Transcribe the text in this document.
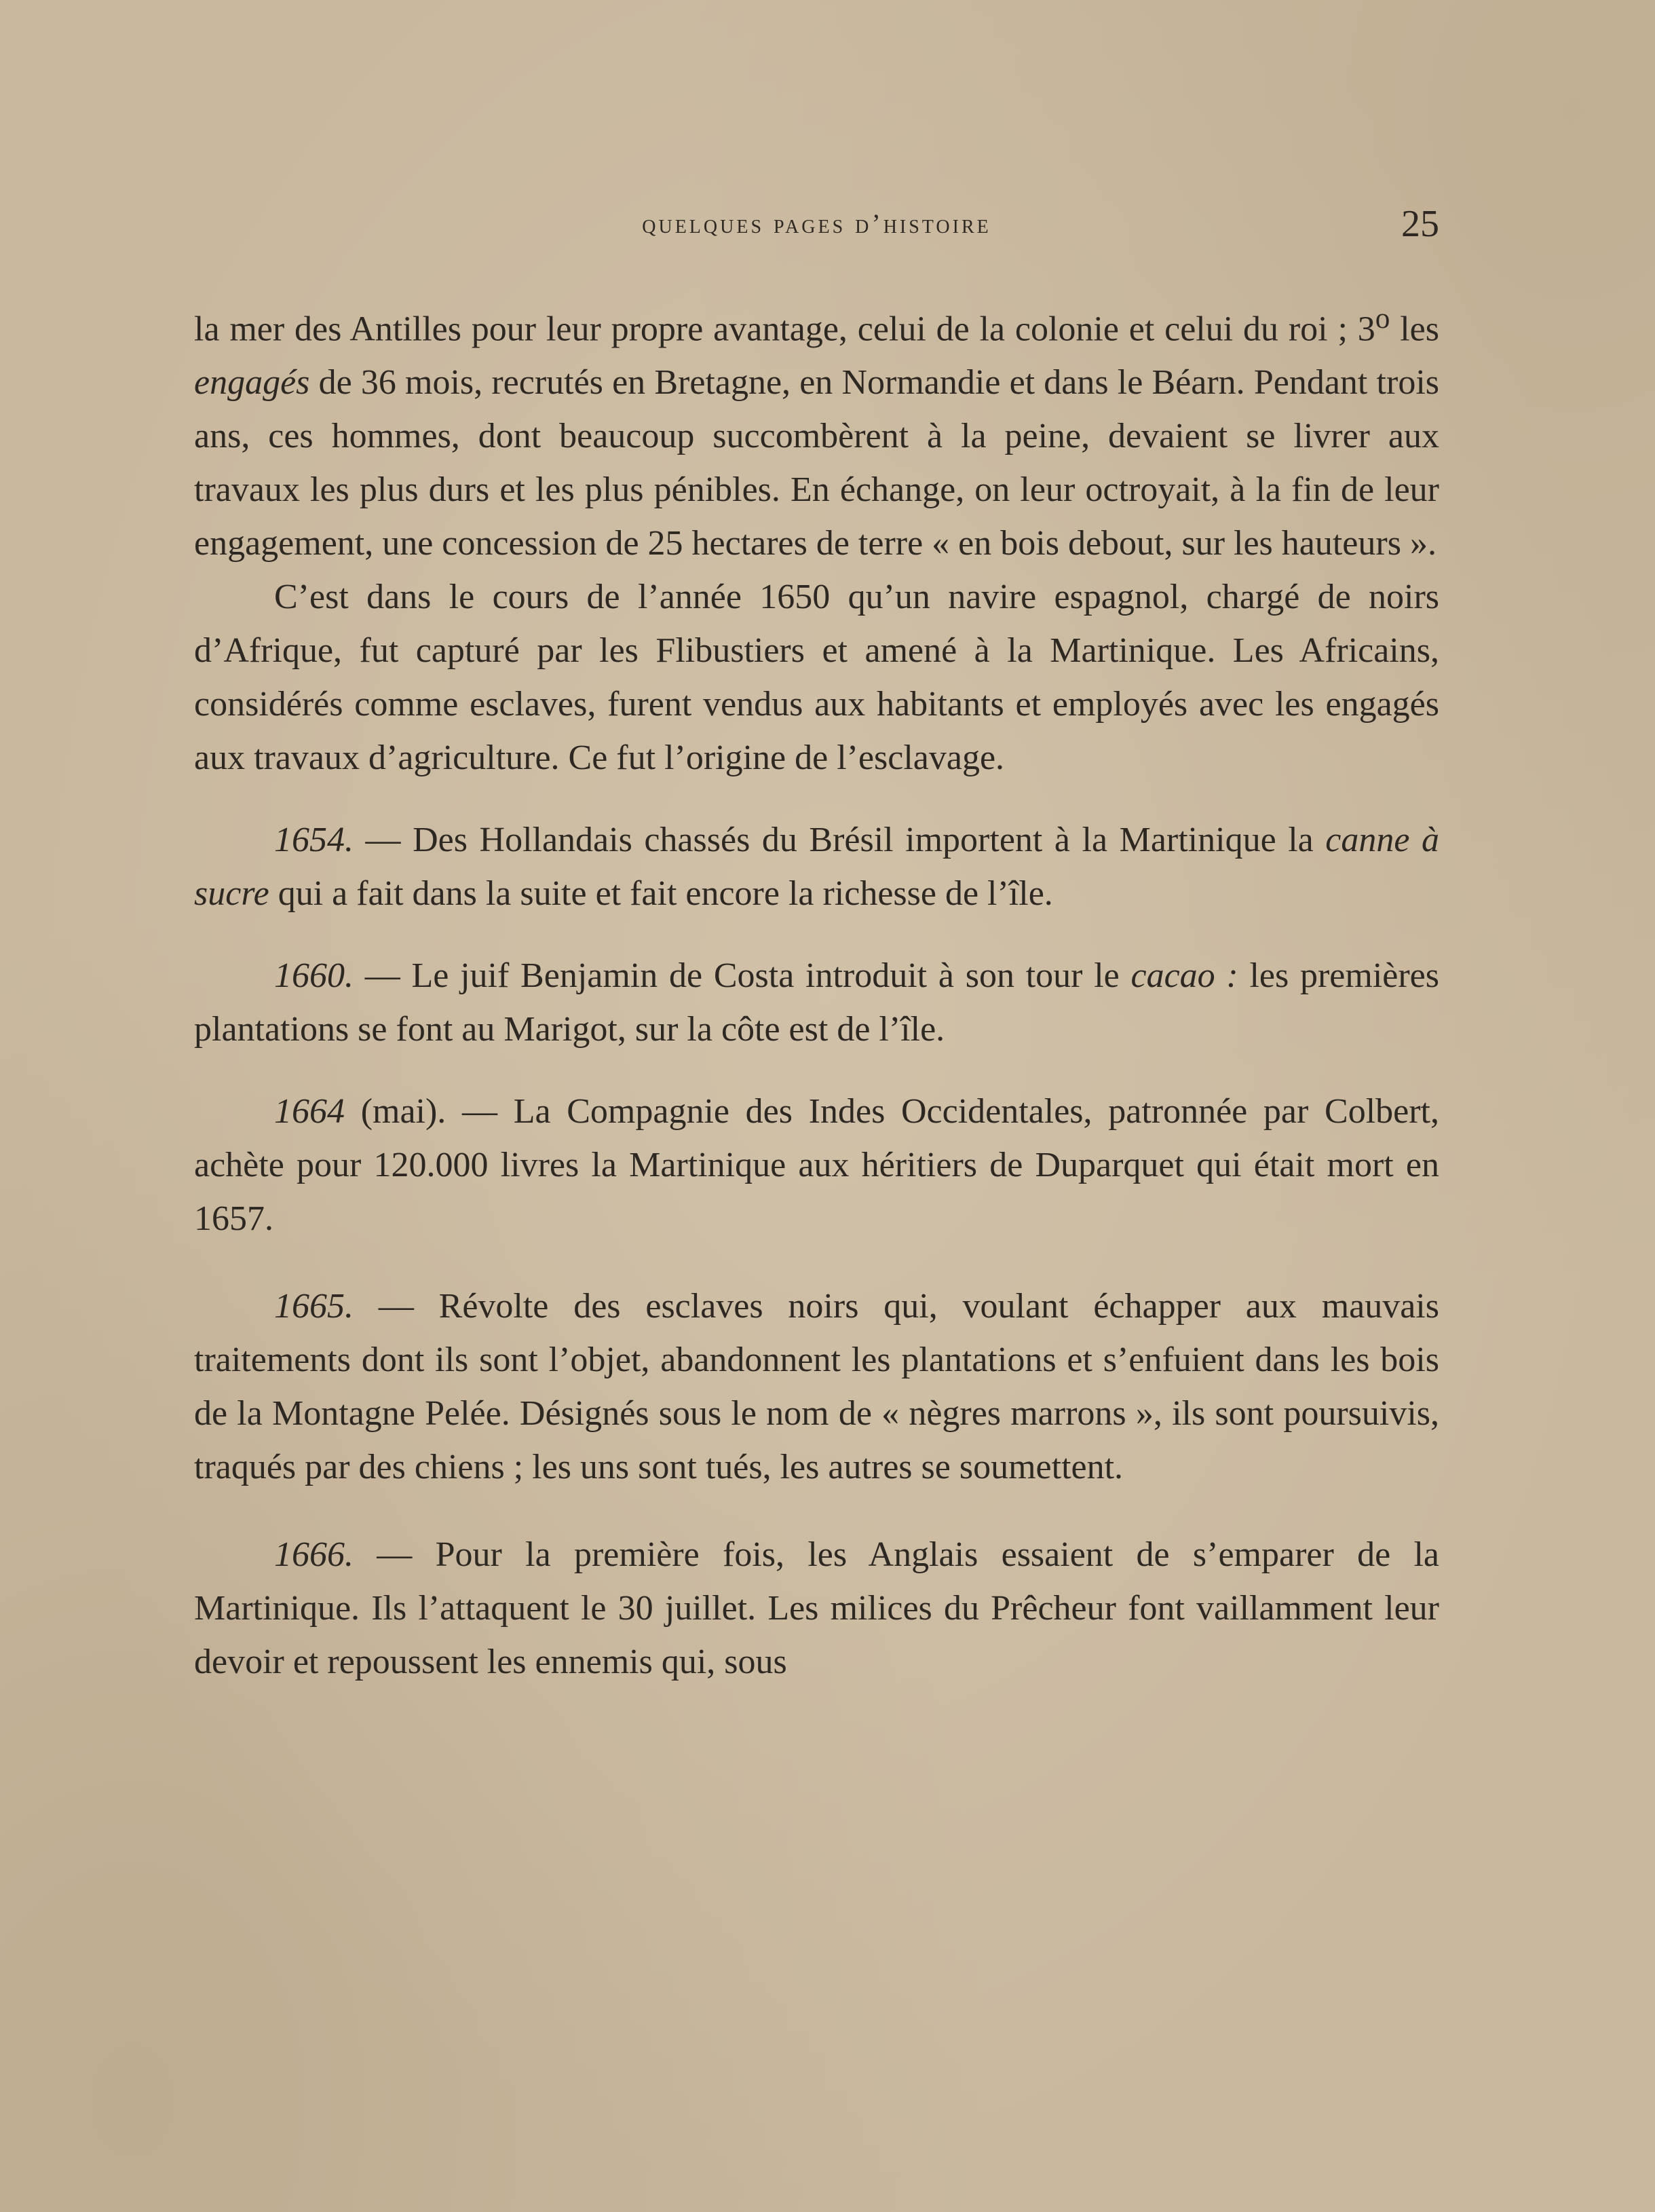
quelques pages d’histoire	25

la mer des Antilles pour leur propre avantage, celui de la colonie et celui du roi ; 3$^o$ les engagés de 36 mois, recrutés en Bretagne, en Normandie et dans le Béarn. Pendant trois ans, ces hommes, dont beaucoup succombèrent à la peine, devaient se livrer aux travaux les plus durs et les plus pénibles. En échange, on leur octroyait, à la fin de leur engagement, une concession de 25 hectares de terre « en bois debout, sur les hauteurs ».

C’est dans le cours de l’année 1650 qu’un navire espagnol, chargé de noirs d’Afrique, fut capturé par les Flibustiers et amené à la Martinique. Les Africains, considérés comme esclaves, furent vendus aux habitants et employés avec les engagés aux travaux d’agriculture. Ce fut l’origine de l’esclavage.

1654. — Des Hollandais chassés du Brésil importent à la Martinique la canne à sucre qui a fait dans la suite et fait encore la richesse de l’île.

1660. — Le juif Benjamin de Costa introduit à son tour le cacao : les premières plantations se font au Marigot, sur la côte est de l’île.

1664 (mai). — La Compagnie des Indes Occidentales, patronnée par Colbert, achète pour 120.000 livres la Martinique aux héritiers de Duparquet qui était mort en 1657.

1665. — Révolte des esclaves noirs qui, voulant échapper aux mauvais traitements dont ils sont l’objet, abandonnent les plantations et s’enfuient dans les bois de la Montagne Pelée. Désignés sous le nom de « nègres marrons », ils sont poursuivis, traqués par des chiens ; les uns sont tués, les autres se soumettent.

1666. — Pour la première fois, les Anglais essaient de s’emparer de la Martinique. Ils l’attaquent le 30 juillet. Les milices du Prêcheur font vaillamment leur devoir et repoussent les ennemis qui, sous
